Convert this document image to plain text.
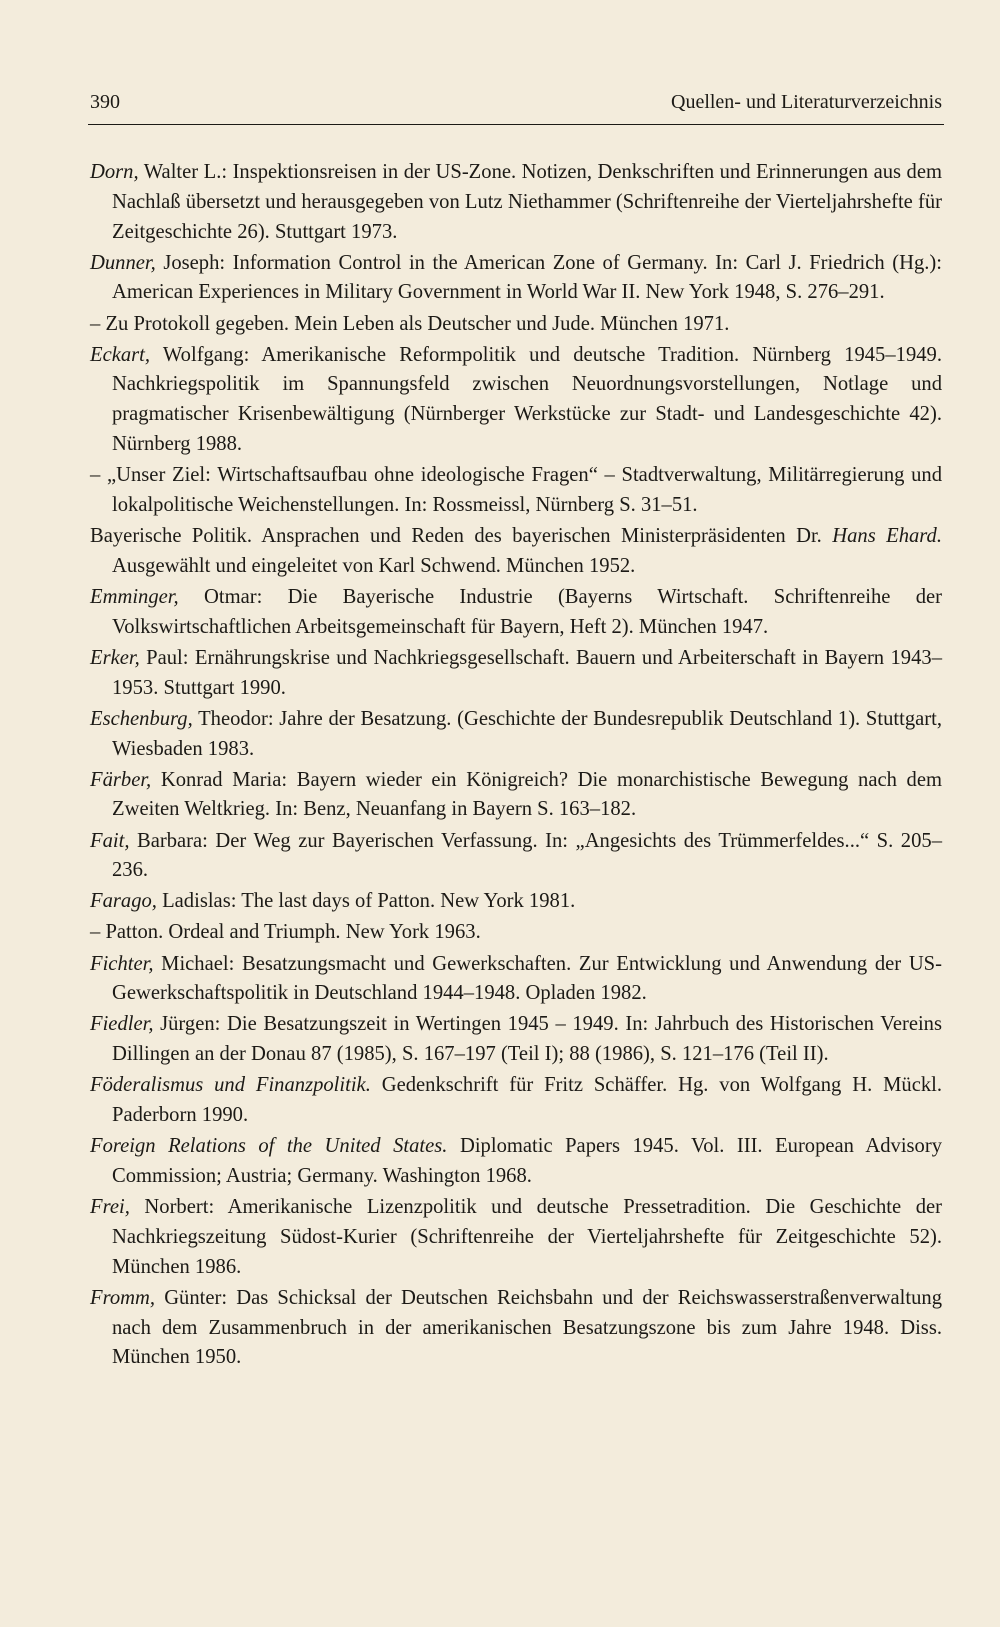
390	Quellen- und Literaturverzeichnis

Dorn, Walter L.: Inspektionsreisen in der US-Zone. Notizen, Denkschriften und Erinnerungen aus dem Nachlaß übersetzt und herausgegeben von Lutz Niethammer (Schriftenreihe der Vierteljahrshefte für Zeitgeschichte 26). Stuttgart 1973.

Dunner, Joseph: Information Control in the American Zone of Germany. In: Carl J. Friedrich (Hg.): American Experiences in Military Government in World War II. New York 1948, S. 276–291.

– Zu Protokoll gegeben. Mein Leben als Deutscher und Jude. München 1971.

Eckart, Wolfgang: Amerikanische Reformpolitik und deutsche Tradition. Nürnberg 1945–1949. Nachkriegspolitik im Spannungsfeld zwischen Neuordnungsvorstellungen, Notlage und pragmatischer Krisenbewältigung (Nürnberger Werkstücke zur Stadt- und Landesgeschichte 42). Nürnberg 1988.

– „Unser Ziel: Wirtschaftsaufbau ohne ideologische Fragen“ – Stadtverwaltung, Militärregierung und lokalpolitische Weichenstellungen. In: Rossmeissl, Nürnberg S. 31–51.

Bayerische Politik. Ansprachen und Reden des bayerischen Ministerpräsidenten Dr. Hans Ehard. Ausgewählt und eingeleitet von Karl Schwend. München 1952.

Emminger, Otmar: Die Bayerische Industrie (Bayerns Wirtschaft. Schriftenreihe der Volkswirtschaftlichen Arbeitsgemeinschaft für Bayern, Heft 2). München 1947.

Erker, Paul: Ernährungskrise und Nachkriegsgesellschaft. Bauern und Arbeiterschaft in Bayern 1943–1953. Stuttgart 1990.

Eschenburg, Theodor: Jahre der Besatzung. (Geschichte der Bundesrepublik Deutschland 1). Stuttgart, Wiesbaden 1983.

Färber, Konrad Maria: Bayern wieder ein Königreich? Die monarchistische Bewegung nach dem Zweiten Weltkrieg. In: Benz, Neuanfang in Bayern S. 163–182.

Fait, Barbara: Der Weg zur Bayerischen Verfassung. In: „Angesichts des Trümmerfeldes...“ S. 205–236.

Farago, Ladislas: The last days of Patton. New York 1981.

– Patton. Ordeal and Triumph. New York 1963.

Fichter, Michael: Besatzungsmacht und Gewerkschaften. Zur Entwicklung und Anwendung der US-Gewerkschaftspolitik in Deutschland 1944–1948. Opladen 1982.

Fiedler, Jürgen: Die Besatzungszeit in Wertingen 1945 – 1949. In: Jahrbuch des Historischen Vereins Dillingen an der Donau 87 (1985), S. 167–197 (Teil I); 88 (1986), S. 121–176 (Teil II).

Föderalismus und Finanzpolitik. Gedenkschrift für Fritz Schäffer. Hg. von Wolfgang H. Mückl. Paderborn 1990.

Foreign Relations of the United States. Diplomatic Papers 1945. Vol. III. European Advisory Commission; Austria; Germany. Washington 1968.

Frei, Norbert: Amerikanische Lizenzpolitik und deutsche Pressetradition. Die Geschichte der Nachkriegszeitung Südost-Kurier (Schriftenreihe der Vierteljahrshefte für Zeitgeschichte 52). München 1986.

Fromm, Günter: Das Schicksal der Deutschen Reichsbahn und der Reichswasserstraßenverwaltung nach dem Zusammenbruch in der amerikanischen Besatzungszone bis zum Jahre 1948. Diss. München 1950.
